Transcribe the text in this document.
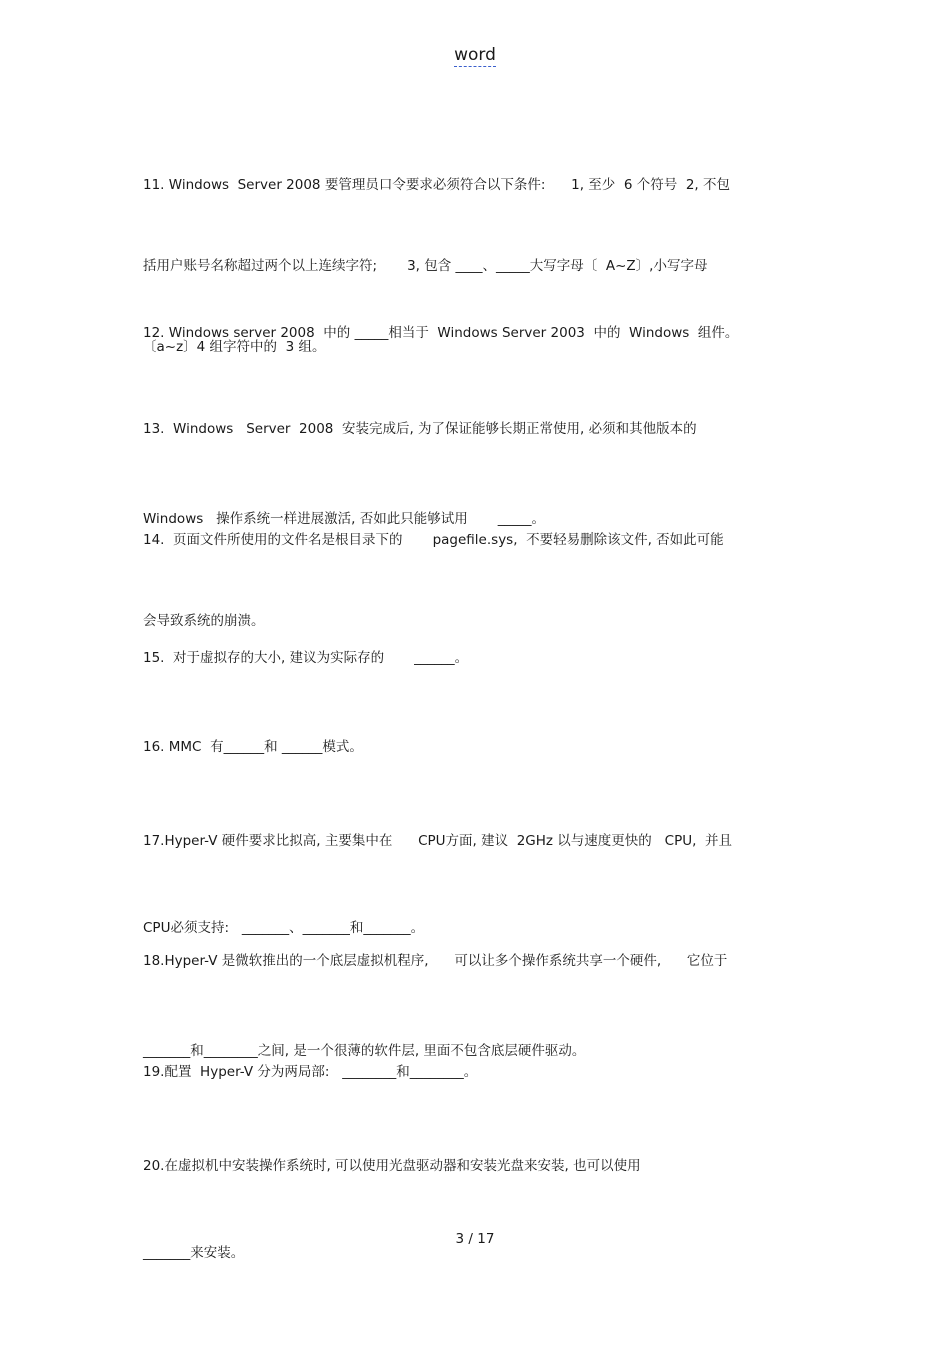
word

11. Windows  Server 2008 要管理员口令要求必须符合以下条件:      1, 至少  6 个符号  2, 不包

括用户账号名称超过两个以上连续字符;       3, 包含 ____、_____大写字母〔  A~Z〕,小写字母

〔a~z〕4 组字符中的  3 组。

12. Windows server 2008  中的 _____相当于  Windows Server 2003  中的  Windows  组件。

13.  Windows   Server  2008  安装完成后, 为了保证能够长期正常使用, 必须和其他版本的

Windows   操作系统一样进展激活, 否如此只能够试用       _____。

14.  页面文件所使用的文件名是根目录下的       pagefile.sys,  不要轻易删除该文件, 否如此可能

会导致系统的崩溃。

15.  对于虚拟存的大小, 建议为实际存的       ______。

16. MMC  有______和 ______模式。

17.Hyper-V 硬件要求比拟高, 主要集中在      CPU方面, 建议  2GHz 以与速度更快的   CPU,  并且

CPU必须支持:   _______、_______和_______。

18.Hyper-V 是微软推出的一个底层虚拟机程序,      可以让多个操作系统共享一个硬件,      它位于

_______和________之间, 是一个很薄的软件层, 里面不包含底层硬件驱动。

19.配置  Hyper-V 分为两局部:   ________和________。

20.在虚拟机中安装操作系统时, 可以使用光盘驱动器和安装光盘来安装, 也可以使用

_______来安装。

3 / 17
